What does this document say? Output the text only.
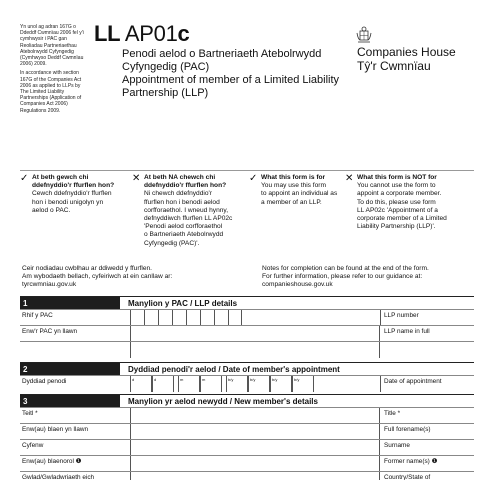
Yn unol ag adran 167G o Ddeddf Cwmnïau 2006 fel y'i cymhwysir i PAC gan Reoliadau Partneriaethau Atebolrwydd Cyfyngedig (Cymhwyso Deddf Cwmnïau 2006) 2009.

In accordance with section 167G of the Companies Act 2006 as applied to LLPs by The Limited Liability Partnerships (Application of Companies Act 2006) Regulations 2009.

LL AP01c
Penodi aelod o Bartneriaeth Atebolrwydd
Cyfyngedig (PAC)
Appointment of member of a Limited Liability
Partnership (LLP)
Companies House
Tŷ'r Cwmnïau
✓ At beth gewch chi
ddefnyddio'r ffurflen hon?
Cewch ddefnyddio'r ffurflen
hon i benodi unigolyn yn
aelod o PAC.
✕ At beth NA chewch chi
ddefnyddio'r ffurflen hon?
Ni chewch ddefnyddio'r
ffurflen hon i benodi aelod
corfforaethol. I wneud hynny,
defnyddiwch ffurflen LL AP02c
'Penodi aelod corfforaethol
o Bartneriaeth Atebolrwydd
Cyfyngedig (PAC)'.
✓ What this form is for
You may use this form
to appoint an individual as
a member of an LLP.
✕ What this form is NOT for
You cannot use the form to
appoint a corporate member.
To do this, please use form
LL AP02c 'Appointment of a
corporate member of a Limited
Liability Partnership (LLP)'.
Ceir nodiadau cwblhau ar ddiwedd y ffurflen.
Am wybodaeth bellach, cyfeiriwch at ein canllaw ar:
tyrcwmniau.gov.uk
Notes for completion can be found at the end of the form.
For further information, please refer to our guidance at:
companieshouse.gov.uk
1	Manylion y PAC / LLP details
Rhif y PAC	LLP number
Enw'r PAC yn llawn	LLP name in full
2	Dyddiad penodi'r aelod / Date of member's appointment
Dyddiad penodi	d	d	m	m	b/y	b/y	b/y	b/y	Date of appointment
3	Manylion yr aelod newydd / New member's details
Teitl *	Title *
Enw(au) blaen yn llawn	Full forename(s)
Cyfenw	Surname
Enw(au) blaenorol ❶	Former name(s) ❶
Gwlad/Gwladwriaeth eich	Country/State of
